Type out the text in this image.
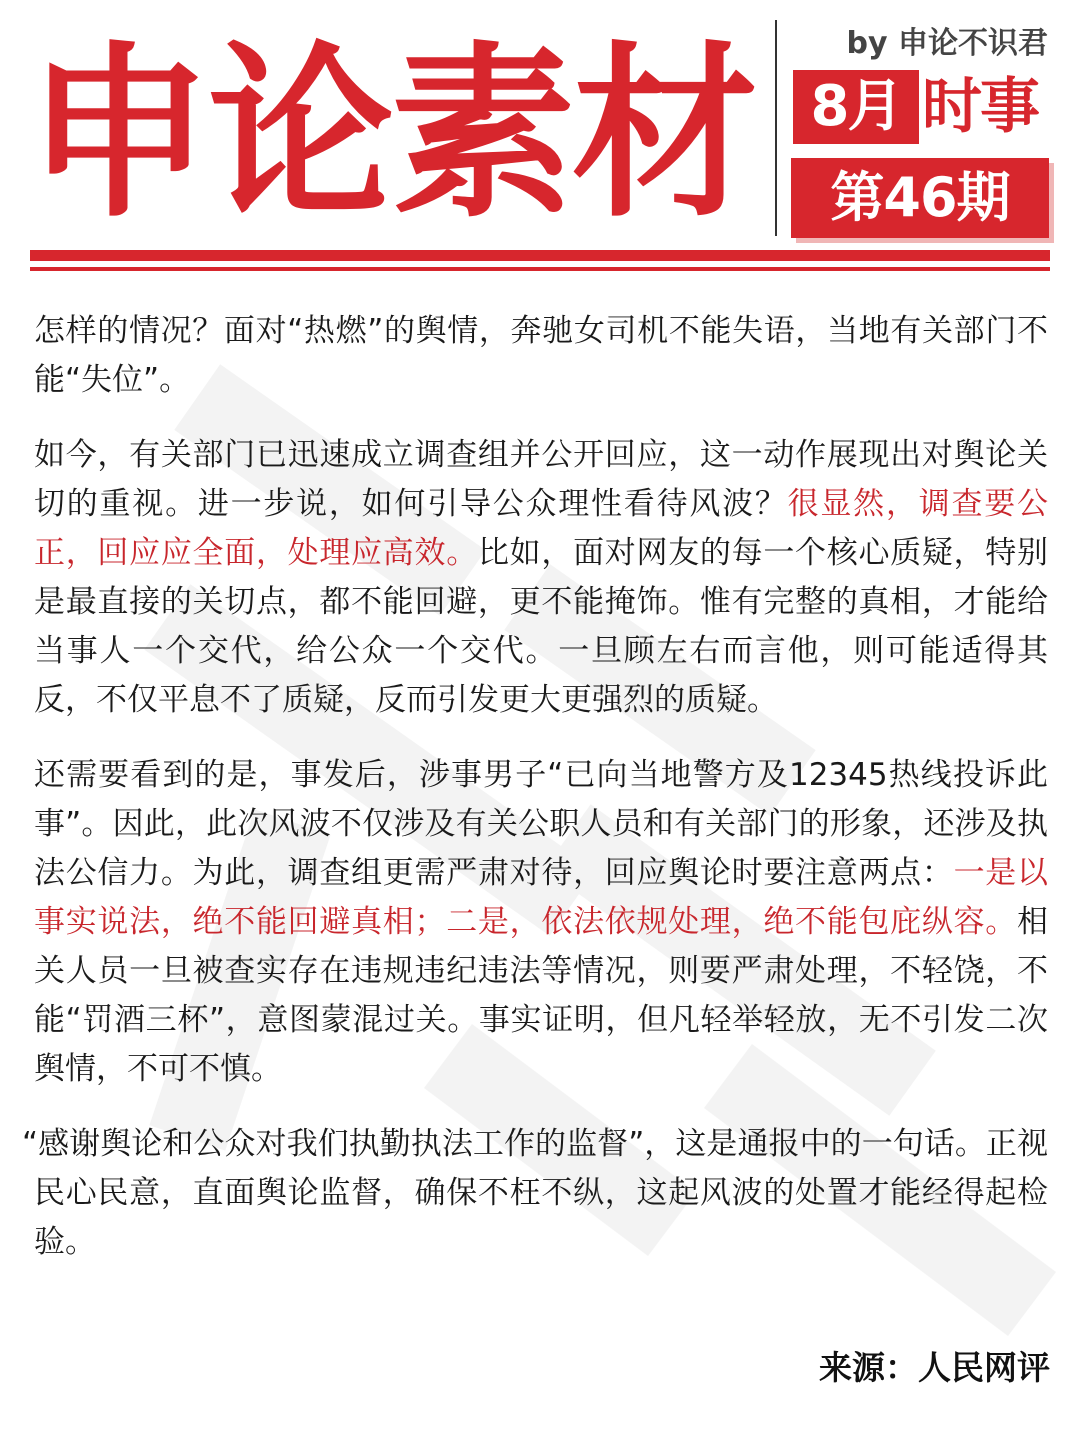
申论素材	by 申论不识君
8月 时事
第46期

怎样的情况？面对“热燃”的舆情，奔驰女司机不能失语，当地有关部门不能“失位”。

如今，有关部门已迅速成立调查组并公开回应，这一动作展现出对舆论关切的重视。进一步说，如何引导公众理性看待风波？很显然，调查要公正，回应应全面，处理应高效。比如，面对网友的每一个核心质疑，特别是最直接的关切点，都不能回避，更不能掩饰。惟有完整的真相，才能给当事人一个交代，给公众一个交代。一旦顾左右而言他，则可能适得其反，不仅平息不了质疑，反而引发更大更强烈的质疑。

还需要看到的是，事发后，涉事男子“已向当地警方及12345热线投诉此事”。因此，此次风波不仅涉及有关公职人员和有关部门的形象，还涉及执法公信力。为此，调查组更需严肃对待，回应舆论时要注意两点：一是以事实说法，绝不能回避真相；二是，依法依规处理，绝不能包庇纵容。相关人员一旦被查实存在违规违纪违法等情况，则要严肃处理，不轻饶，不能“罚酒三杯”，意图蒙混过关。事实证明，但凡轻举轻放，无不引发二次舆情，不可不慎。

“感谢舆论和公众对我们执勤执法工作的监督”，这是通报中的一句话。正视民心民意，直面舆论监督，确保不枉不纵，这起风波的处置才能经得起检验。

来源：人民网评
